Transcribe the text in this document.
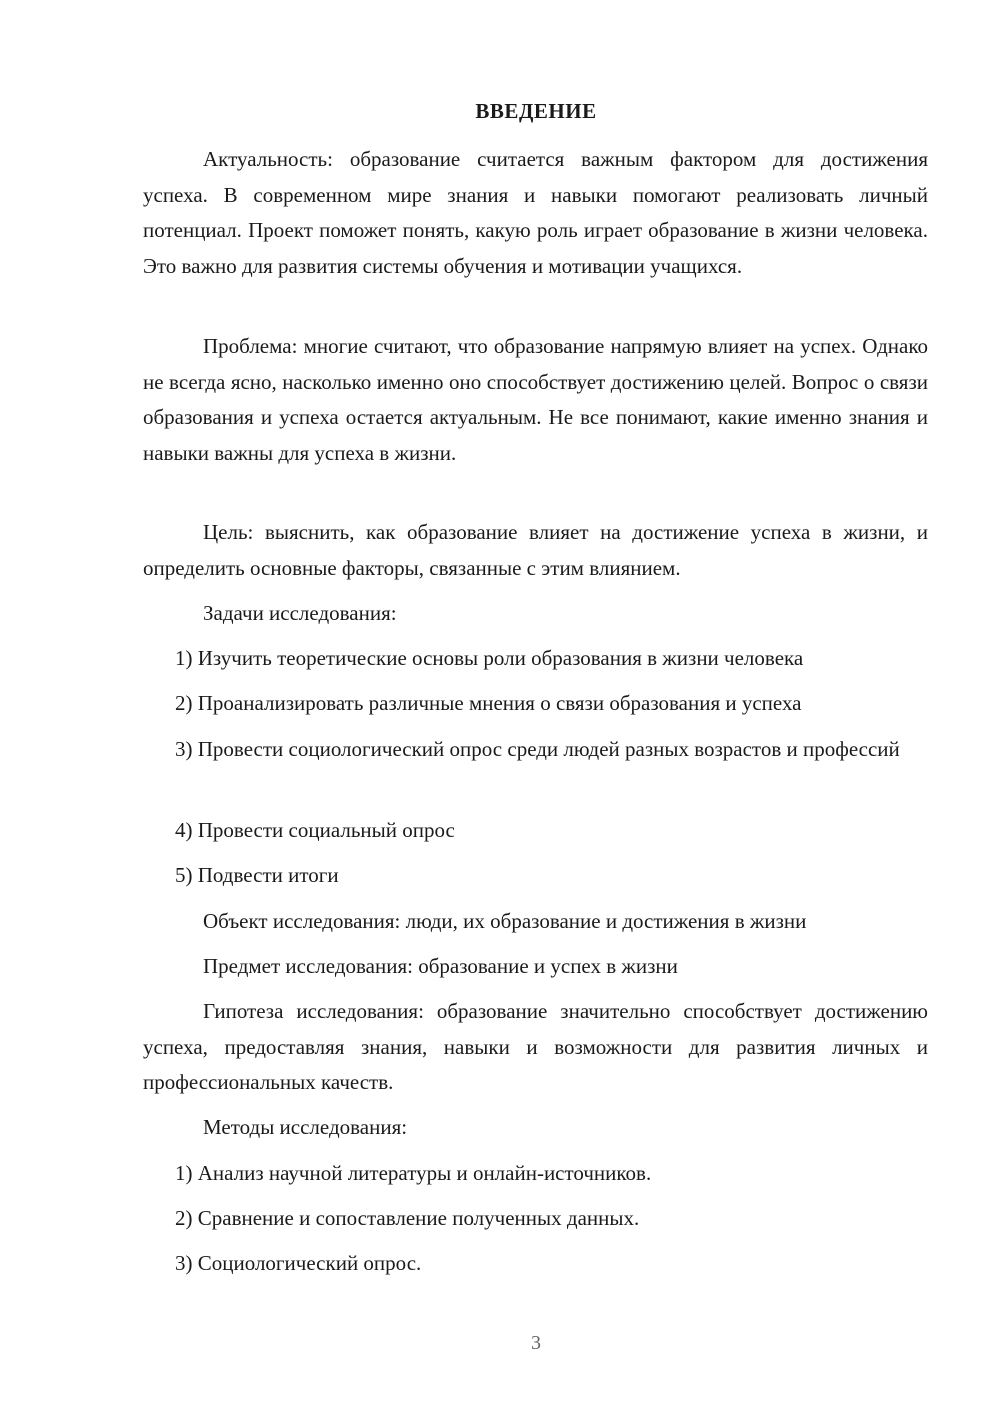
ВВЕДЕНИЕ

Актуальность: образование считается важным фактором для достижения успеха. В современном мире знания и навыки помогают реализовать личный потенциал. Проект поможет понять, какую роль играет образование в жизни человека. Это важно для развития системы обучения и мотивации учащихся.

Проблема: многие считают, что образование напрямую влияет на успех. Однако не всегда ясно, насколько именно оно способствует достижению целей. Вопрос о связи образования и успеха остается актуальным. Не все понимают, какие именно знания и навыки важны для успеха в жизни.

Цель: выяснить, как образование влияет на достижение успеха в жизни, и определить основные факторы, связанные с этим влиянием.

Задачи исследования:

1) Изучить теоретические основы роли образования в жизни человека

2) Проанализировать различные мнения о связи образования и успеха

3) Провести социологический опрос среди людей разных возрастов и профессий

4) Провести социальный опрос

5) Подвести итоги

Объект исследования: люди, их образование и достижения в жизни

Предмет исследования: образование и успех в жизни

Гипотеза исследования: образование значительно способствует достижению успеха, предоставляя знания, навыки и возможности для развития личных и профессиональных качеств.

Методы исследования:

1) Анализ научной литературы и онлайн-источников.

2) Сравнение и сопоставление полученных данных.

3) Социологический опрос.

3
